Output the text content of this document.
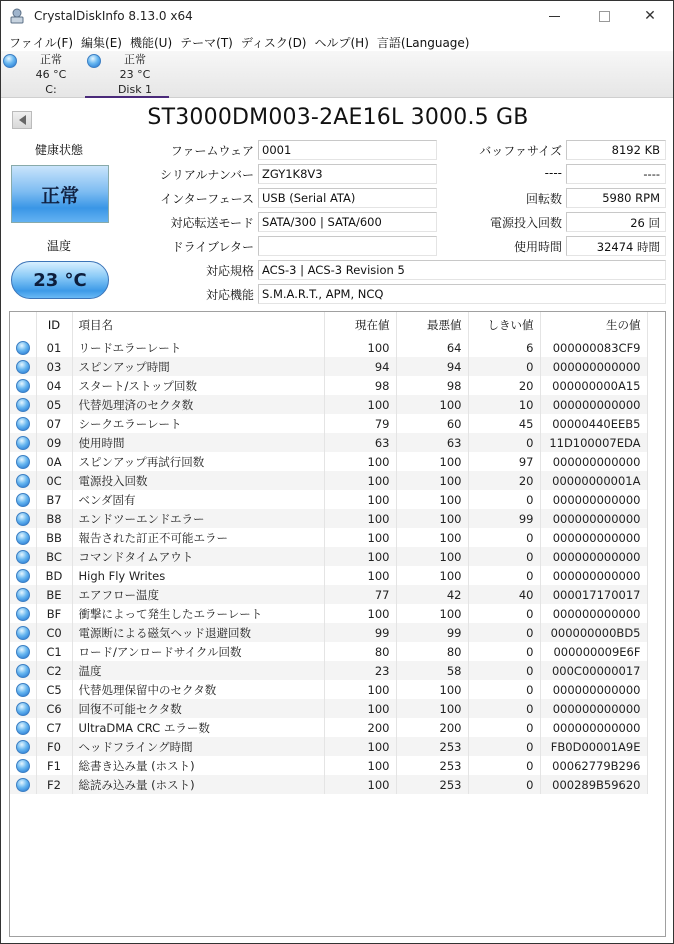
CrystalDiskInfo 8.13.0 x64	✕
ファイル(F) 編集(E) 機能(U) テーマ(T) ディスク(D) ヘルプ(H) 言語(Language)
正常
46 °C
C:
正常
23 °C
Disk 1
ST3000DM003-2AE16L 3000.5 GB
健康状態
正常
温度
23 °C
ファームウェア 0001
シリアルナンバー ZGY1K8V3
インターフェース USB (Serial ATA)
対応転送モード SATA/300 | SATA/600
ドライブレター
対応規格 ACS-3 | ACS-3 Revision 5
対応機能 S.M.A.R.T., APM, NCQ
バッファサイズ	8192 KB
----	----
回転数	5980 RPM
電源投入回数	26 回
使用時間	32474 時間
	ID	項目名	現在値	最悪値	しきい値	生の値

	01	リードエラーレート	100	64	6	000000083CF9

	03	スピンアップ時間	94	94	0	000000000000

	04	スタート/ストップ回数	98	98	20	000000000A15

	05	代替処理済のセクタ数	100	100	10	000000000000

	07	シークエラーレート	79	60	45	00000440EEB5

	09	使用時間	63	63	0	11D100007EDA

	0A	スピンアップ再試行回数	100	100	97	000000000000

	0C	電源投入回数	100	100	20	00000000001A

	B7	ベンダ固有	100	100	0	000000000000

	B8	エンドツーエンドエラー	100	100	99	000000000000

	BB	報告された訂正不可能エラー	100	100	0	000000000000

	BC	コマンドタイムアウト	100	100	0	000000000000

	BD	High Fly Writes	100	100	0	000000000000

	BE	エアフロー温度	77	42	40	000017170017

	BF	衝撃によって発生したエラーレート	100	100	0	000000000000

	C0	電源断による磁気ヘッド退避回数	99	99	0	000000000BD5

	C1	ロード/アンロードサイクル回数	80	80	0	000000009E6F

	C2	温度	23	58	0	000C00000017

	C5	代替処理保留中のセクタ数	100	100	0	000000000000

	C6	回復不可能セクタ数	100	100	0	000000000000

	C7	UltraDMA CRC エラー数	200	200	0	000000000000

	F0	ヘッドフライング時間	100	253	0	FB0D00001A9E

	F1	総書き込み量 (ホスト)	100	253	0	00062779B296

	F2	総読み込み量 (ホスト)	100	253	0	000289B59620
